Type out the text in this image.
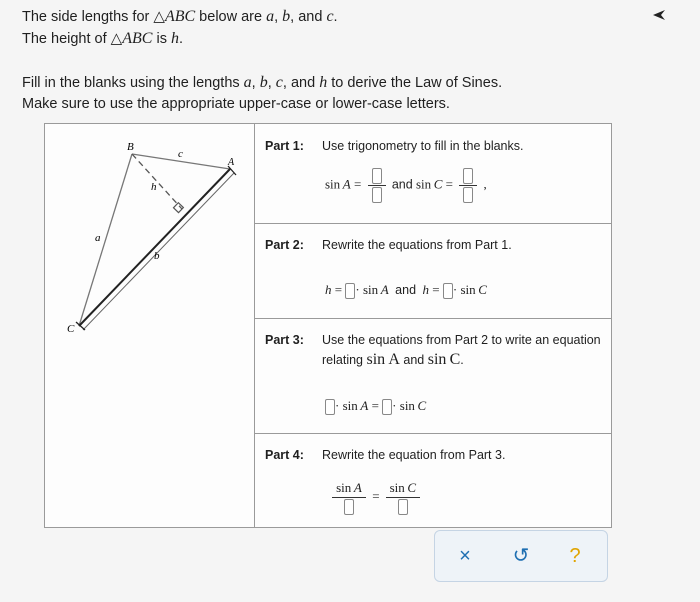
The side lengths for △ABC below are a, b, and c.

The height of △ABC is h.

Fill in the blanks using the lengths a, b, c, and h to derive the Law of Sines.

Make sure to use the appropriate upper-case or lower-case letters.

B
c
A
h
a
b
C
Part 1: Use trigonometry to fill in the blanks.
sin  A = and sin  C = ,
Part 2: Rewrite the equations from Part 1.
h = · sin  A and h = · sin  C
Part 3: Use the equations from Part 2 to write an equation relating sin A and sin C.
· sin  A = · sin  C
Part 4: Rewrite the equation from Part 3.
sin  A
=
sin  C
×	↺	?
